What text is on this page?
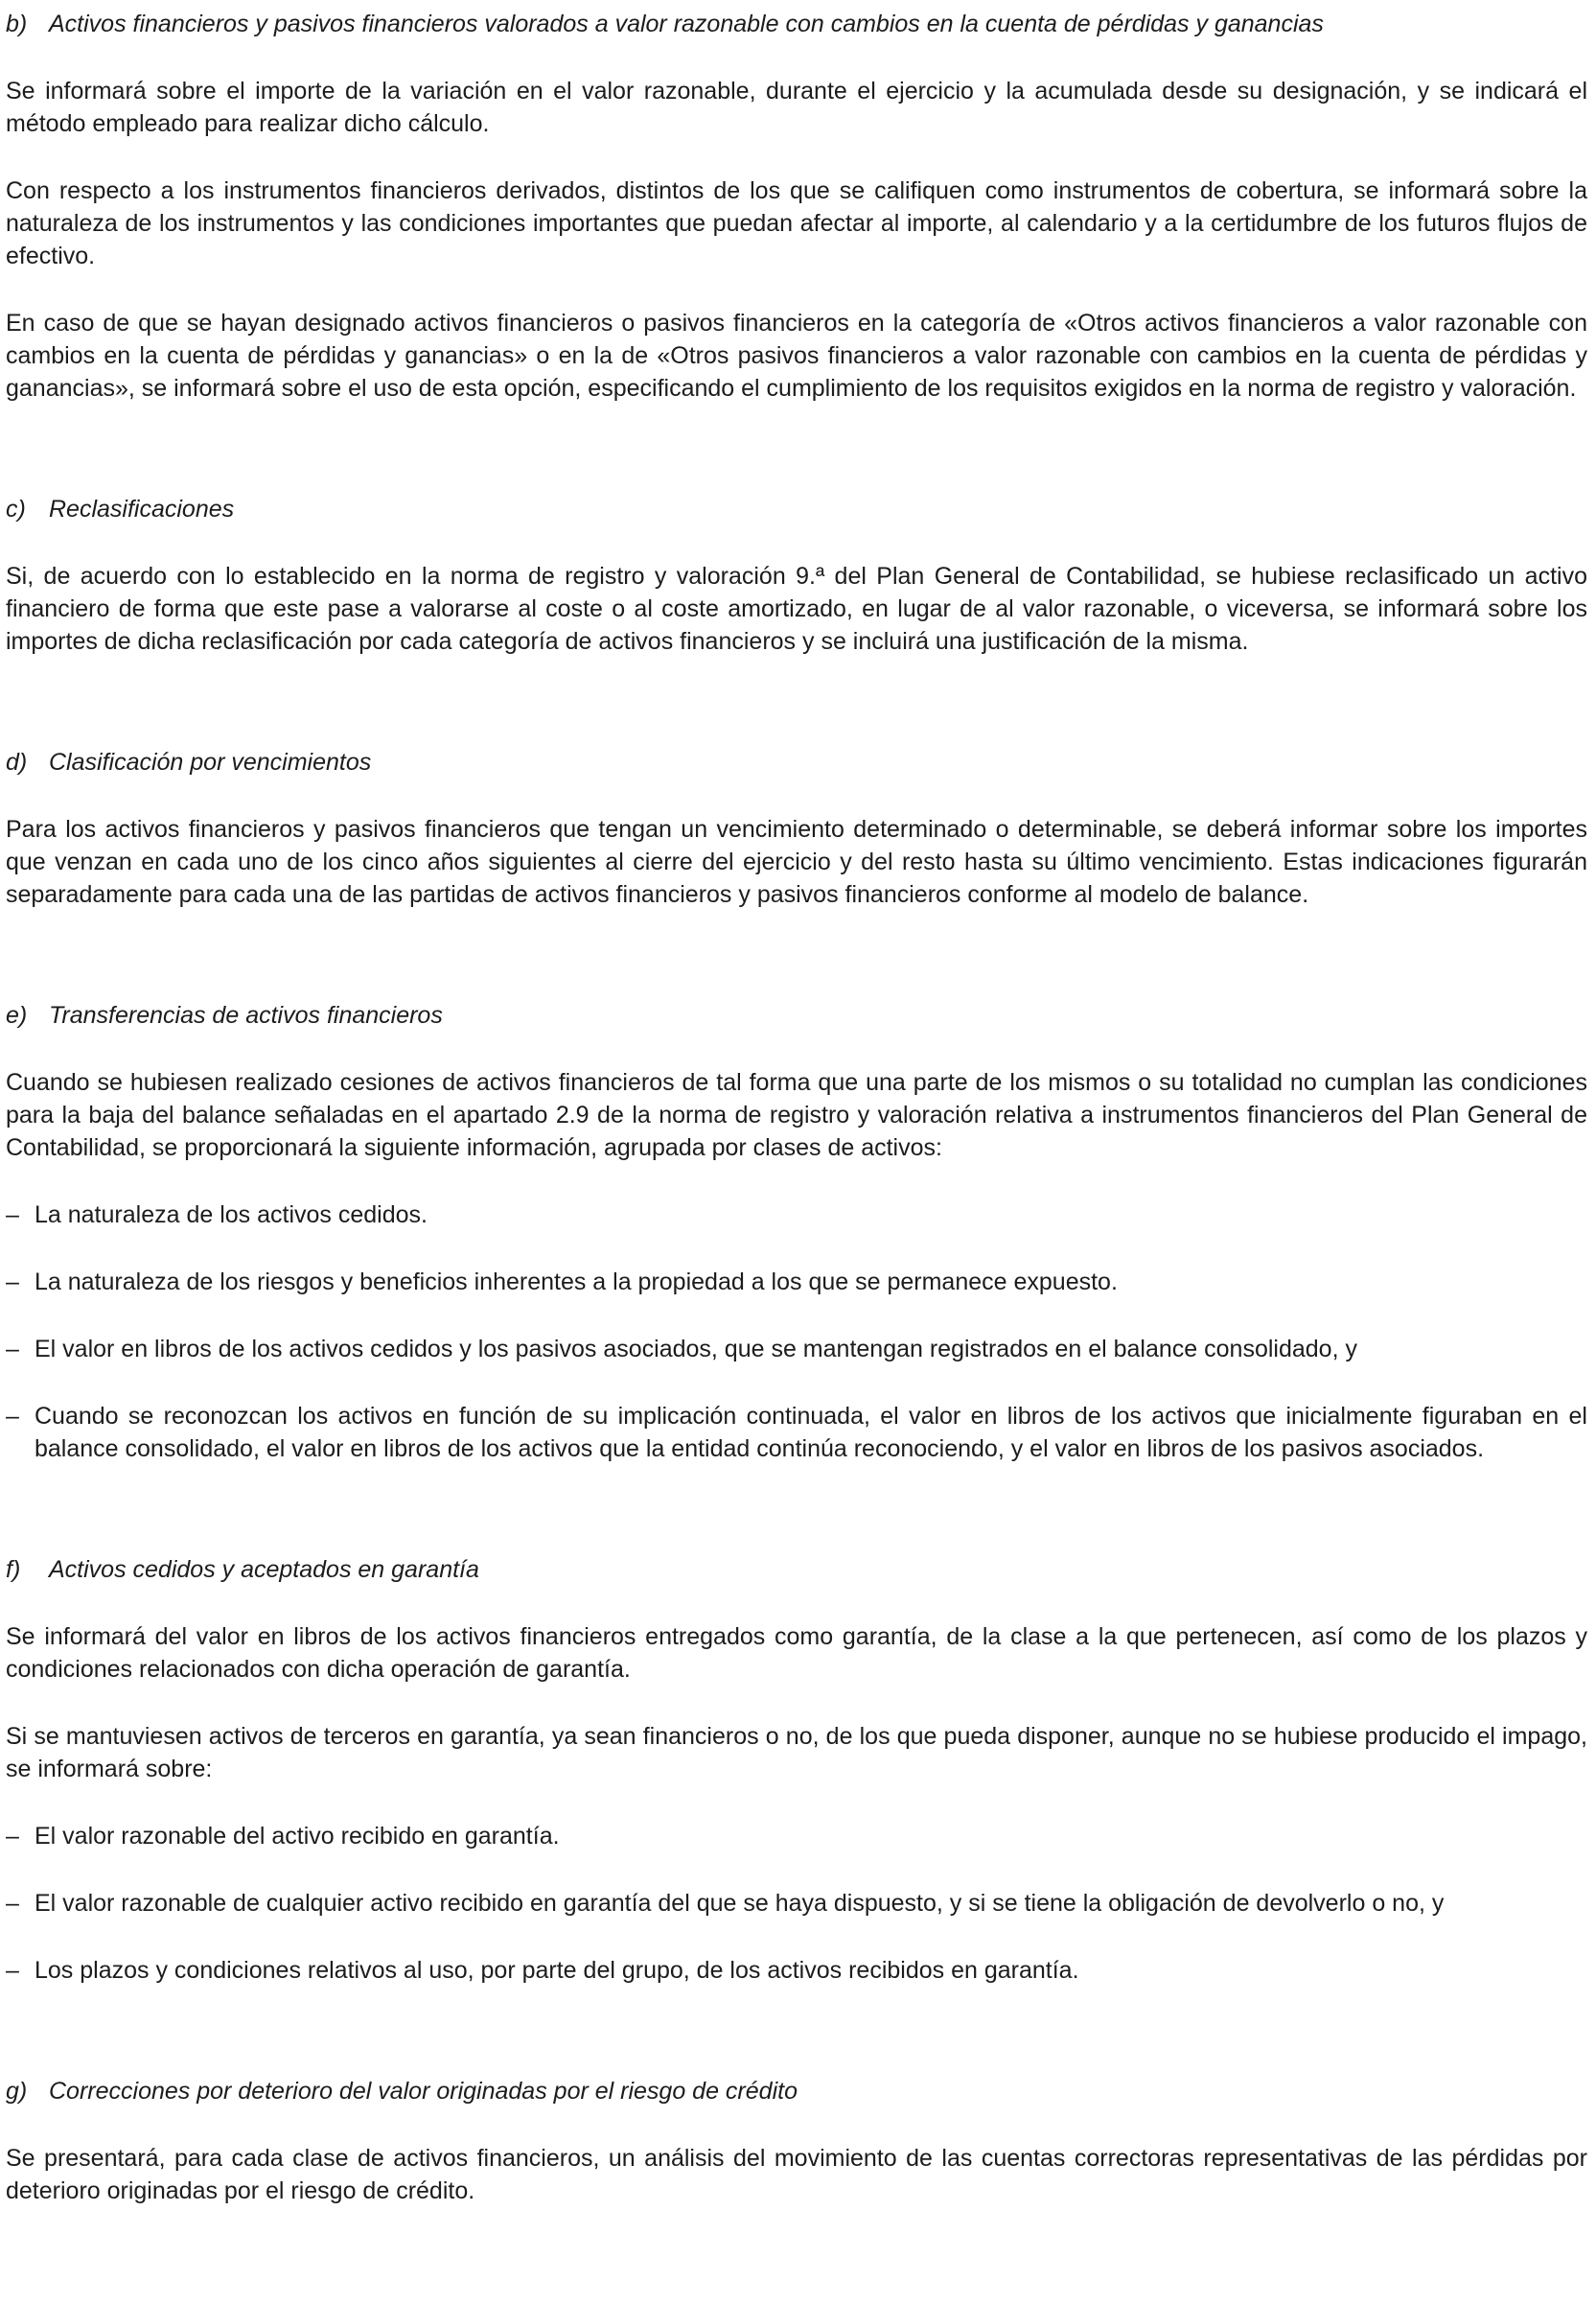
b) Activos financieros y pasivos financieros valorados a valor razonable con cambios en la cuenta de pérdidas y ganancias

Se informará sobre el importe de la variación en el valor razonable, durante el ejercicio y la acumulada desde su designación, y se indicará el método empleado para realizar dicho cálculo.

Con respecto a los instrumentos financieros derivados, distintos de los que se califiquen como instrumentos de cobertura, se informará sobre la naturaleza de los instrumentos y las condiciones importantes que puedan afectar al importe, al calendario y a la certidumbre de los futuros flujos de efectivo.

En caso de que se hayan designado activos financieros o pasivos financieros en la categoría de «Otros activos financieros a valor razonable con cambios en la cuenta de pérdidas y ganancias» o en la de «Otros pasivos financieros a valor razonable con cambios en la cuenta de pérdidas y ganancias», se informará sobre el uso de esta opción, especificando el cumplimiento de los requisitos exigidos en la norma de registro y valoración.

c) Reclasificaciones

Si, de acuerdo con lo establecido en la norma de registro y valoración 9.ª del Plan General de Contabilidad, se hubiese reclasificado un activo financiero de forma que este pase a valorarse al coste o al coste amortizado, en lugar de al valor razonable, o viceversa, se informará sobre los importes de dicha reclasificación por cada categoría de activos financieros y se incluirá una justificación de la misma.

d) Clasificación por vencimientos

Para los activos financieros y pasivos financieros que tengan un vencimiento determinado o determinable, se deberá informar sobre los importes que venzan en cada uno de los cinco años siguientes al cierre del ejercicio y del resto hasta su último vencimiento. Estas indicaciones figurarán separadamente para cada una de las partidas de activos financieros y pasivos financieros conforme al modelo de balance.

e) Transferencias de activos financieros

Cuando se hubiesen realizado cesiones de activos financieros de tal forma que una parte de los mismos o su totalidad no cumplan las condiciones para la baja del balance señaladas en el apartado 2.9 de la norma de registro y valoración relativa a instrumentos financieros del Plan General de Contabilidad, se proporcionará la siguiente información, agrupada por clases de activos:

– La naturaleza de los activos cedidos.
– La naturaleza de los riesgos y beneficios inherentes a la propiedad a los que se permanece expuesto.
– El valor en libros de los activos cedidos y los pasivos asociados, que se mantengan registrados en el balance consolidado, y
– Cuando se reconozcan los activos en función de su implicación continuada, el valor en libros de los activos que inicialmente figuraban en el balance consolidado, el valor en libros de los activos que la entidad continúa reconociendo, y el valor en libros de los pasivos asociados.
f)	Activos cedidos y aceptados en garantía

Se informará del valor en libros de los activos financieros entregados como garantía, de la clase a la que pertenecen, así como de los plazos y condiciones relacionados con dicha operación de garantía.

Si se mantuviesen activos de terceros en garantía, ya sean financieros o no, de los que pueda disponer, aunque no se hubiese producido el impago, se informará sobre:

– El valor razonable del activo recibido en garantía.
– El valor razonable de cualquier activo recibido en garantía del que se haya dispuesto, y si se tiene la obligación de devolverlo o no, y
– Los plazos y condiciones relativos al uso, por parte del grupo, de los activos recibidos en garantía.
g) Correcciones por deterioro del valor originadas por el riesgo de crédito

Se presentará, para cada clase de activos financieros, un análisis del movimiento de las cuentas correctoras representativas de las pérdidas por deterioro originadas por el riesgo de crédito.
